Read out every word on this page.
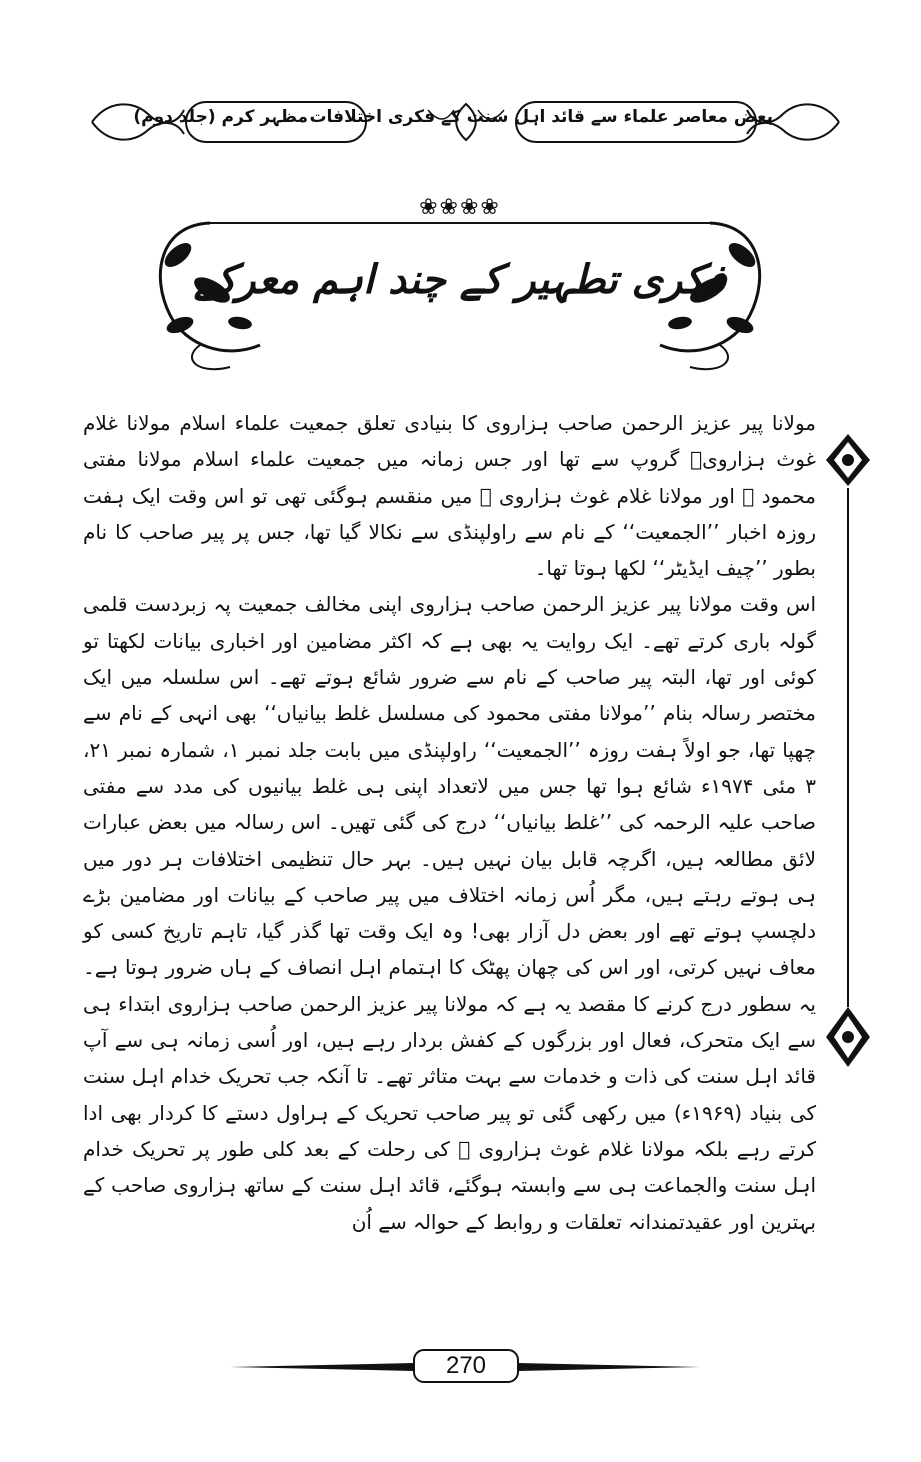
بعض معاصر علماء سے قائد اہل سنت کے فکری اختلافات
مظہر کرم (جلد دوم)
❀❀❀❀
فکری تطہیر کے چند اہم معرکے

مولانا پیر عزیز الرحمن صاحب ہزاروی کا بنیادی تعلق جمعیت علماء اسلام مولانا غلام غوث ہزارویؒ گروپ سے تھا اور جس زمانہ میں جمعیت علماء اسلام مولانا مفتی محمود ﷫ اور مولانا غلام غوث ہزاروی ﷫ میں منقسم ہوگئی تھی تو اس وقت ایک ہفت روزہ اخبار ’’الجمعیت‘‘ کے نام سے راولپنڈی سے نکالا گیا تھا، جس پر پیر صاحب کا نام بطور ’’چیف ایڈیٹر‘‘ لکھا ہوتا تھا۔

اس وقت مولانا پیر عزیز الرحمن صاحب ہزاروی اپنی مخالف جمعیت پہ زبردست قلمی گولہ باری کرتے تھے۔ ایک روایت یہ بھی ہے کہ اکثر مضامین اور اخباری بیانات لکھتا تو کوئی اور تھا، البتہ پیر صاحب کے نام سے ضرور شائع ہوتے تھے۔ اس سلسلہ میں ایک مختصر رسالہ بنام ’’مولانا مفتی محمود کی مسلسل غلط بیانیاں‘‘ بھی انہی کے نام سے چھپا تھا، جو اولاً ہفت روزہ ’’الجمعیت‘‘ راولپنڈی میں بابت جلد نمبر ۱، شمارہ نمبر ۲۱، ۳ مئی ۱۹۷۴ء شائع ہوا تھا جس میں لاتعداد اپنی ہی غلط بیانیوں کی مدد سے مفتی صاحب علیہ الرحمہ کی ’’غلط بیانیاں‘‘ درج کی گئی تھیں۔ اس رسالہ میں بعض عبارات لائق مطالعہ ہیں، اگرچہ قابل بیان نہیں ہیں۔ بہر حال تنظیمی اختلافات ہر دور میں ہی ہوتے رہتے ہیں، مگر اُس زمانہ اختلاف میں پیر صاحب کے بیانات اور مضامین بڑے دلچسپ ہوتے تھے اور بعض دل آزار بھی! وہ ایک وقت تھا گذر گیا، تاہم تاریخ کسی کو معاف نہیں کرتی، اور اس کی چھان پھٹک کا اہتمام اہل انصاف کے ہاں ضرور ہوتا ہے۔ یہ سطور درج کرنے کا مقصد یہ ہے کہ مولانا پیر عزیز الرحمن صاحب ہزاروی ابتداء ہی سے ایک متحرک، فعال اور بزرگوں کے کفش بردار رہے ہیں، اور اُسی زمانہ ہی سے آپ قائد اہل سنت کی ذات و خدمات سے بہت متاثر تھے۔ تا آنکہ جب تحریک خدام اہل سنت کی بنیاد (۱۹۶۹ء) میں رکھی گئی تو پیر صاحب تحریک کے ہراول دستے کا کردار بھی ادا کرتے رہے بلکہ مولانا غلام غوث ہزاروی ﷫ کی رحلت کے بعد کلی طور پر تحریک خدام اہل سنت والجماعت ہی سے وابستہ ہوگئے، قائد اہل سنت کے ساتھ ہزاروی صاحب کے بہترین اور عقیدتمندانہ تعلقات و روابط کے حوالہ سے اُن

270
